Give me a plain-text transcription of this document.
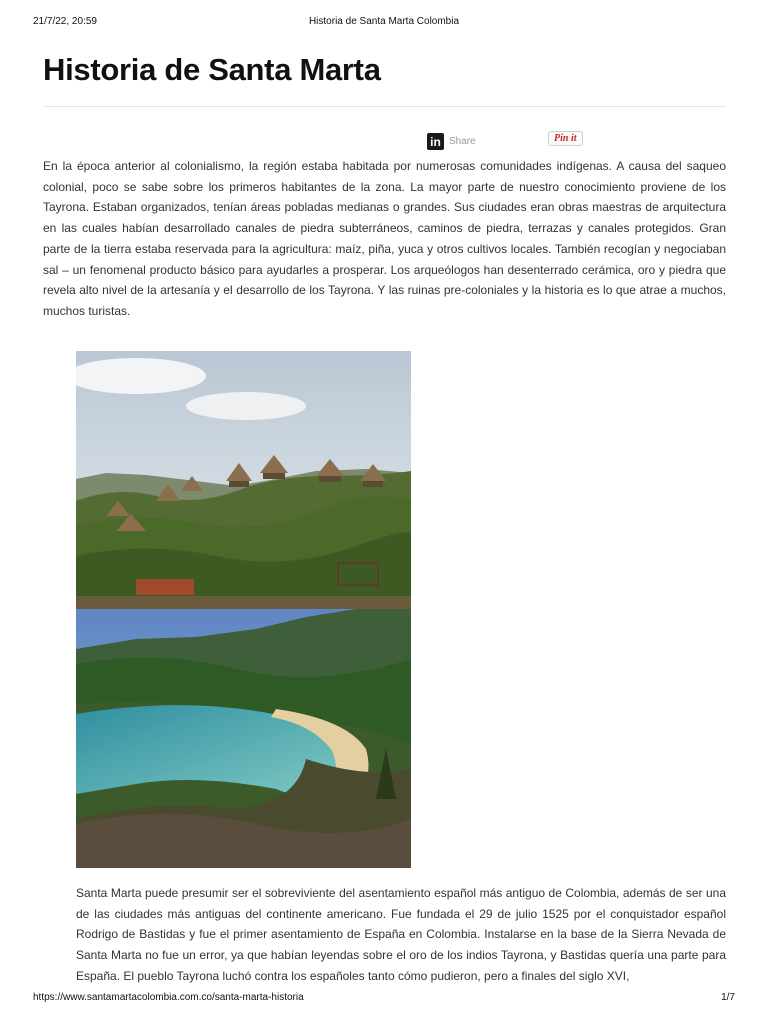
21/7/22, 20:59	Historia de Santa Marta Colombia
Historia de Santa Marta
in Share	Pin it

En la época anterior al colonialismo, la región estaba habitada por numerosas comunidades indígenas. A causa del saqueo colonial, poco se sabe sobre los primeros habitantes de la zona. La mayor parte de nuestro conocimiento proviene de los Tayrona. Estaban organizados, tenían áreas pobladas medianas o grandes. Sus ciudades eran obras maestras de arquitectura en las cuales habían desarrollado canales de piedra subterráneos, caminos de piedra, terrazas y canales protegidos. Gran parte de la tierra estaba reservada para la agricultura: maíz, piña, yuca y otros cultivos locales. También recogían y negociaban sal – un fenomenal producto básico para ayudarles a prosperar. Los arqueólogos han desenterrado cerámica, oro y piedra que revela alto nivel de la artesanía y el desarrollo de los Tayrona. Y las ruinas pre-coloniales y la historia es lo que atrae a muchos, muchos turistas.

Santa Marta puede presumir ser el sobreviviente del asentamiento español más antiguo de Colombia, además de ser una de las ciudades más antiguas del continente americano. Fue fundada el 29 de julio 1525 por el conquistador español Rodrigo de Bastidas y fue el primer asentamiento de España en Colombia. Instalarse en la base de la Sierra Nevada de Santa Marta no fue un error, ya que habían leyendas sobre el oro de los indios Tayrona, y Bastidas quería una parte para España. El pueblo Tayrona luchó contra los españoles tanto cómo pudieron, pero a finales del siglo XVI,

https://www.santamartacolombia.com.co/santa-marta-historia	1/7
